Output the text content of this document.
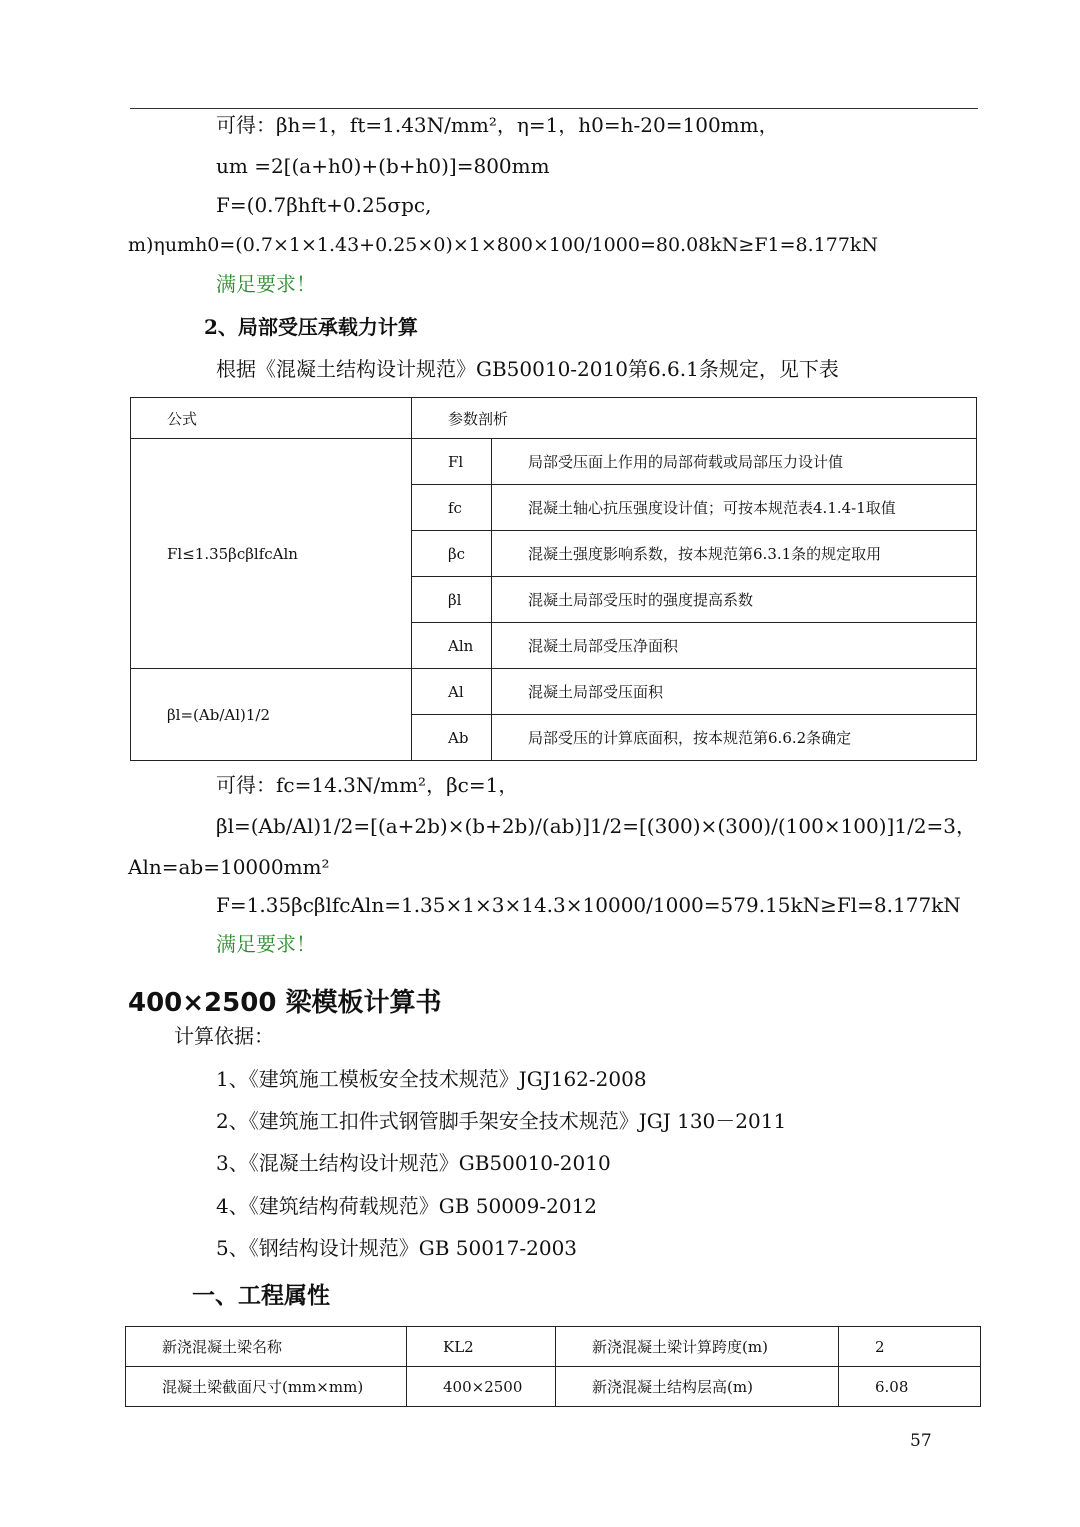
可得：βh=1，ft=1.43N/mm²，η=1，h0=h-20=100mm，
um =2[(a+h0)+(b+h0)]=800mm
F=(0.7βhft+0.25σpc,
m)ηumh0=(0.7×1×1.43+0.25×0)×1×800×100/1000=80.08kN≥F1=8.177kN
满足要求！
2、局部受压承载力计算
根据《混凝土结构设计规范》GB50010-2010第6.6.1条规定，见下表
公式	参数剖析	
Fl≤1.35βcβlfcAln	Fl	局部受压面上作用的局部荷载或局部压力设计值
	fc	混凝土轴心抗压强度设计值；可按本规范表4.1.4-1取值
	βc	混凝土强度影响系数，按本规范第6.3.1条的规定取用
	βl	混凝土局部受压时的强度提高系数
	Aln	混凝土局部受压净面积
βl=(Ab/Al)1/2	Al	混凝土局部受压面积
	Ab	局部受压的计算底面积，按本规范第6.6.2条确定
可得：fc=14.3N/mm²，βc=1，
βl=(Ab/Al)1/2=[(a+2b)×(b+2b)/(ab)]1/2=[(300)×(300)/(100×100)]1/2=3，
Aln=ab=10000mm²
F=1.35βcβlfcAln=1.35×1×3×14.3×10000/1000=579.15kN≥Fl=8.177kN
满足要求！
400×2500 梁模板计算书
计算依据：
1、《建筑施工模板安全技术规范》JGJ162-2008
2、《建筑施工扣件式钢管脚手架安全技术规范》JGJ 130－2011
3、《混凝土结构设计规范》GB50010-2010
4、《建筑结构荷载规范》GB 50009-2012
5、《钢结构设计规范》GB 50017-2003
一、工程属性
新浇混凝土梁名称	KL2	新浇混凝土梁计算跨度(m)	2
混凝土梁截面尺寸(mm×mm)	400×2500	新浇混凝土结构层高(m)	6.08
57
